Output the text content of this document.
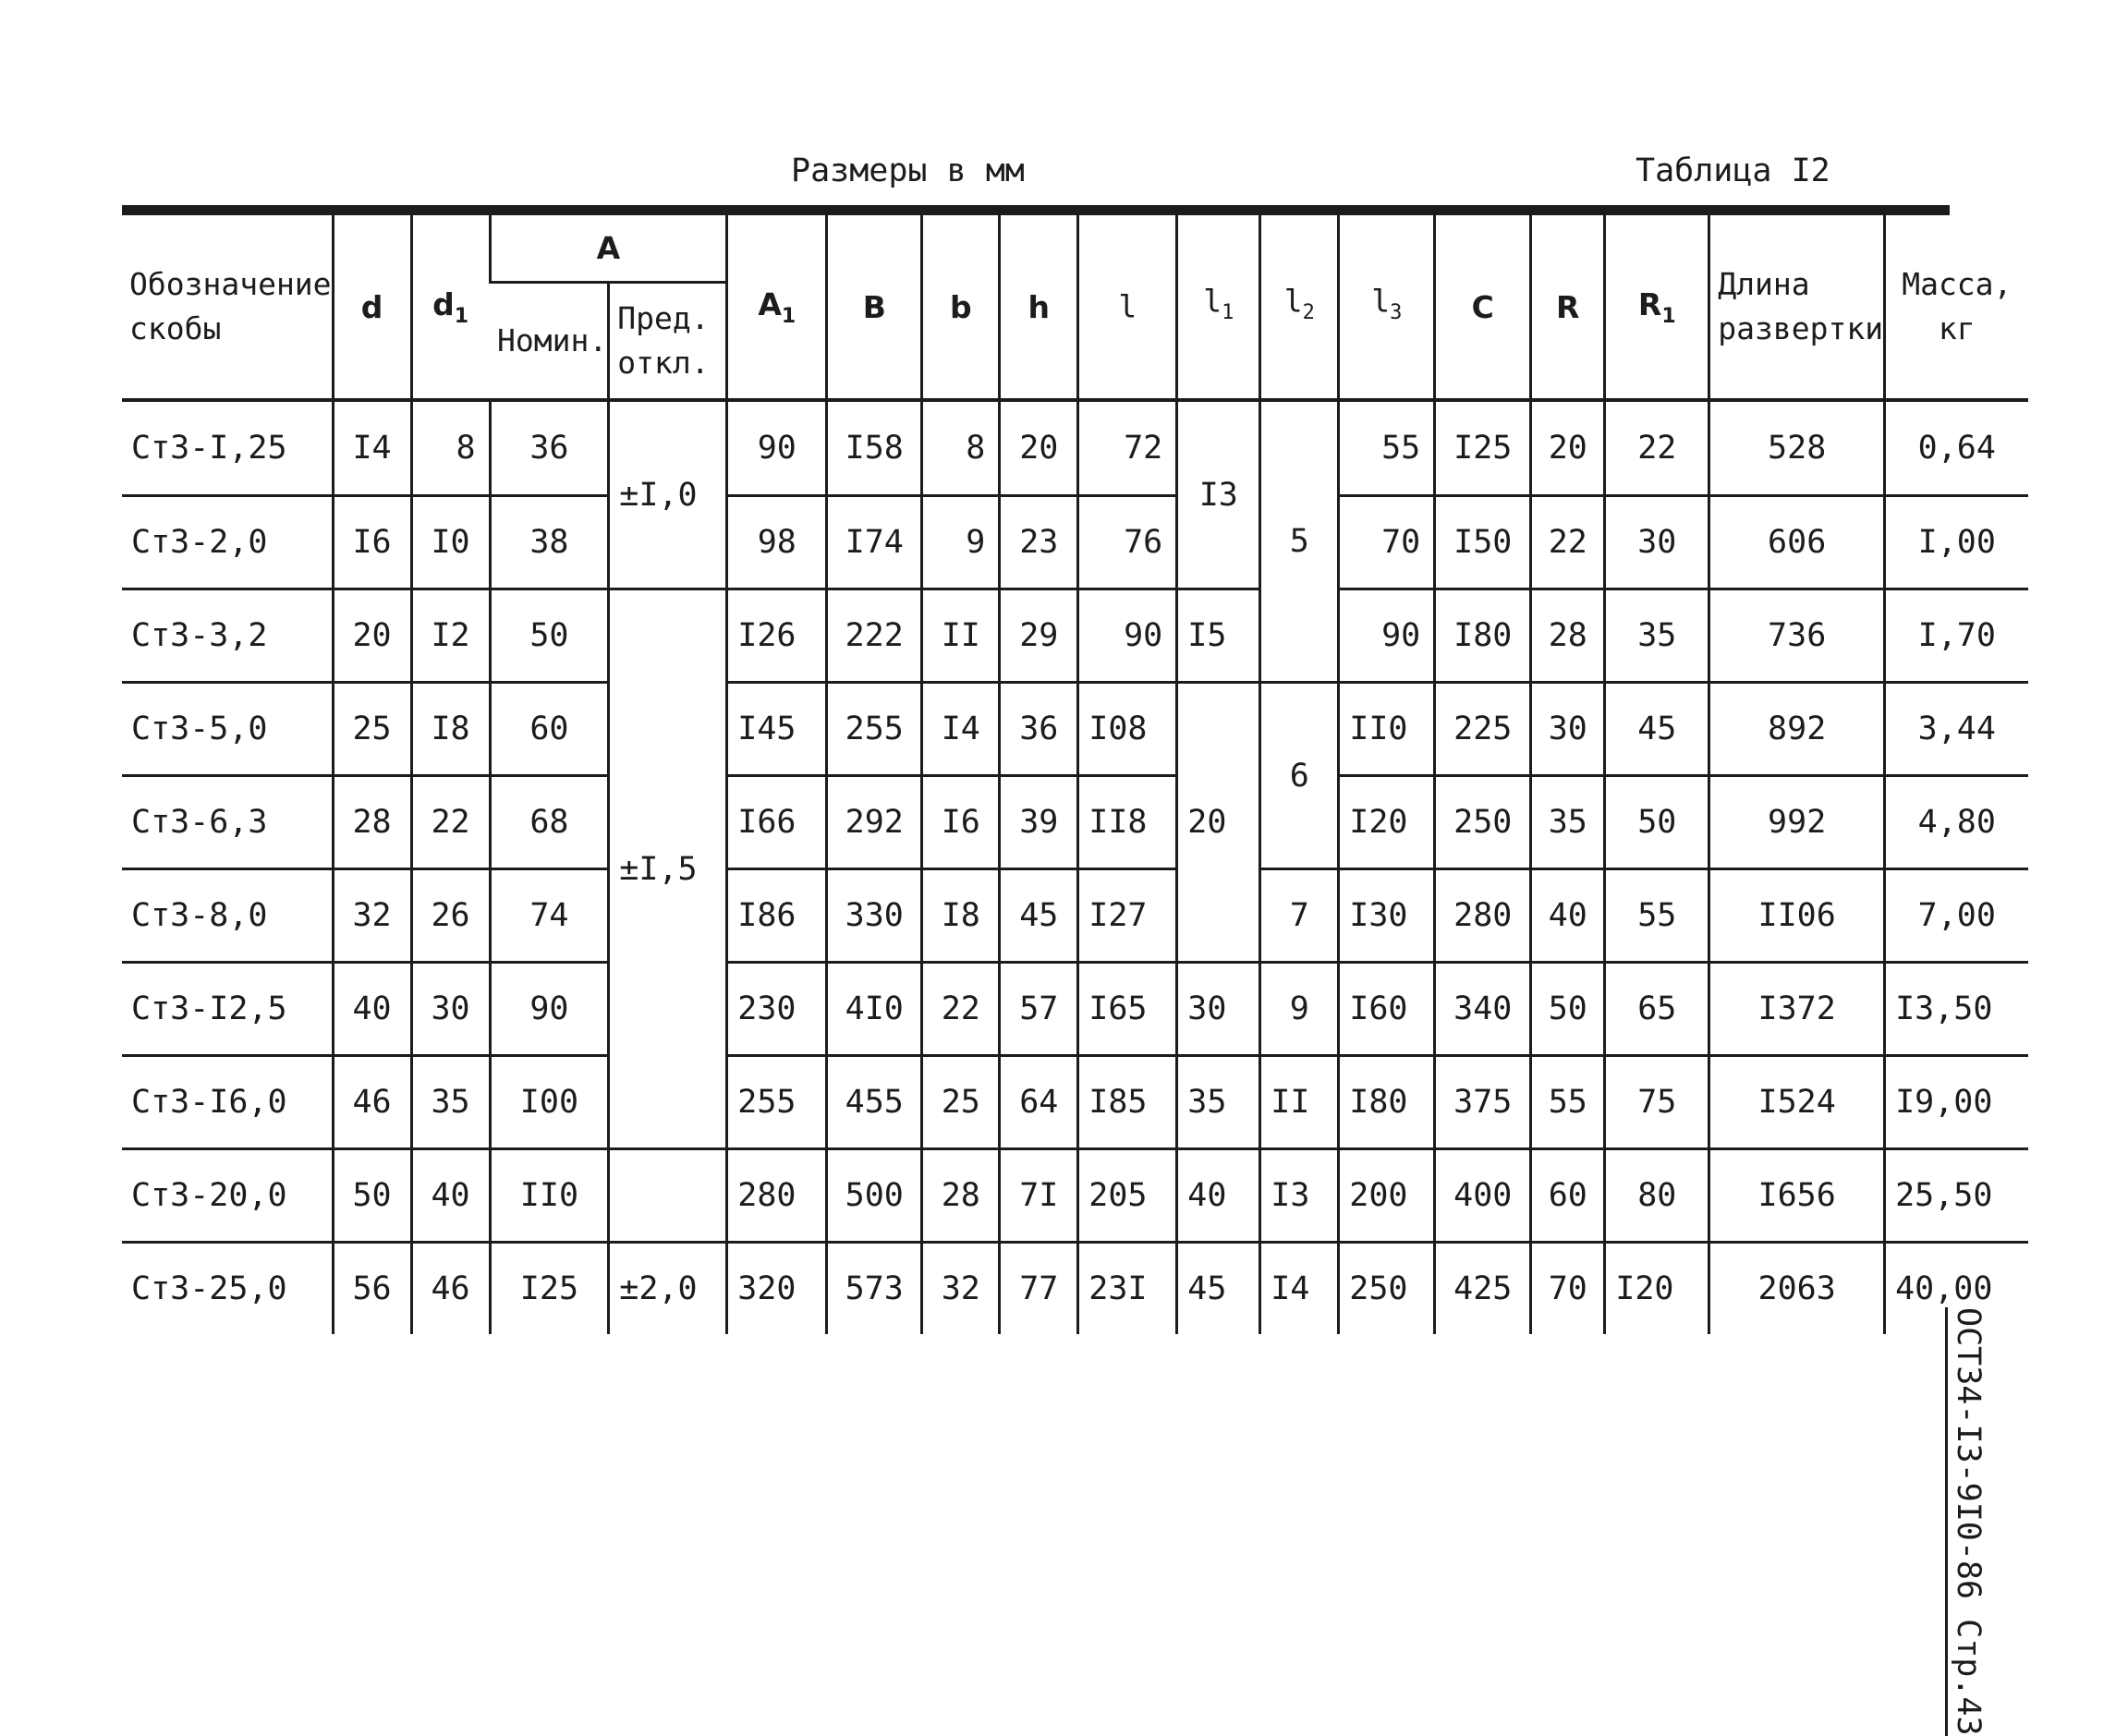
Размеры в мм	Таблица I2
ОСТ34-I3-9I0-86 Стр.43
Обозначение скобы	d	$d_1$	A		$A_1$	B	b	h	l	$l_1$	$l_2$	$l_3$	C	R	$R_1$	Длина развертки	Масса, кг
			Номин.	Пред. откл.													
Ст3-I,25	I4	8	36	±I,0	90	I58	8	20	72	I3	5	55	I25	20	22	528	0,64
Ст3-2,0	I6	I0	38		98	I74	9	23	76			70	I50	22	30	606	I,00
Ст3-3,2	20	I2	50	±I,5	I26	222	II	29	90	I5		90	I80	28	35	736	I,70
Ст3-5,0	25	I8	60		I45	255	I4	36	I08	20	6	II0	225	30	45	892	3,44
Ст3-6,3	28	22	68		I66	292	I6	39	II8			I20	250	35	50	992	4,80
Ст3-8,0	32	26	74		I86	330	I8	45	I27		7	I30	280	40	55	II06	7,00
Ст3-I2,5	40	30	90		230	4I0	22	57	I65	30	9	I60	340	50	65	I372	I3,50
Ст3-I6,0	46	35	I00		255	455	25	64	I85	35	II	I80	375	55	75	I524	I9,00
Ст3-20,0	50	40	II0		280	500	28	7I	205	40	I3	200	400	60	80	I656	25,50
Ст3-25,0	56	46	I25	±2,0	320	573	32	77	23I	45	I4	250	425	70	I20	2063	40,00
